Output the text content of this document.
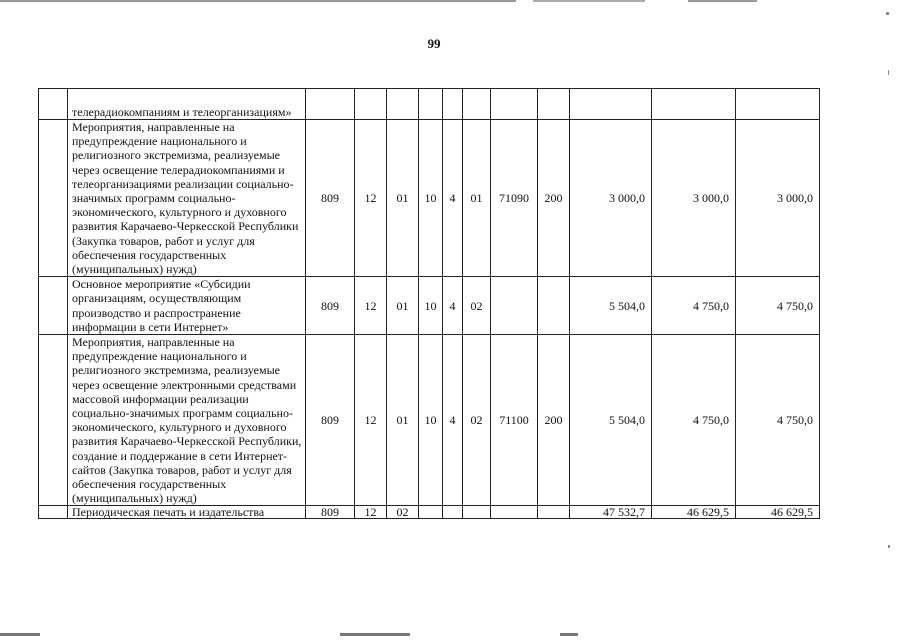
99
	телерадиокомпаниям и телеорганизациям»											
	Мероприятия, направленные на предупреждение национального и религиозного экстремизма, реализуемые через освещение телерадиокомпаниями и телеорганизациями реализации социально-значимых программ социально-экономического, культурного и духовного развития Карачаево-Черкесской Республики (Закупка товаров, работ и услуг для обеспечения государственных (муниципальных) нужд)	809	12	01	10	4	01	71090	200	3 000,0	3 000,0	3 000,0
	Основное мероприятие «Субсидии организациям, осуществляющим производство и распространение информации в сети Интернет»	809	12	01	10	4	02			5 504,0	4 750,0	4 750,0
	Мероприятия, направленные на предупреждение национального и религиозного экстремизма, реализуемые через освещение электронными средствами массовой информации реализации социально-значимых программ социально-экономического, культурного и духовного развития Карачаево-Черкесской Республики, создание и поддержание в сети Интернет-сайтов (Закупка товаров, работ и услуг для обеспечения государственных (муниципальных) нужд)	809	12	01	10	4	02	71100	200	5 504,0	4 750,0	4 750,0
	Периодическая печать и издательства	809	12	02						47 532,7	46 629,5	46 629,5
